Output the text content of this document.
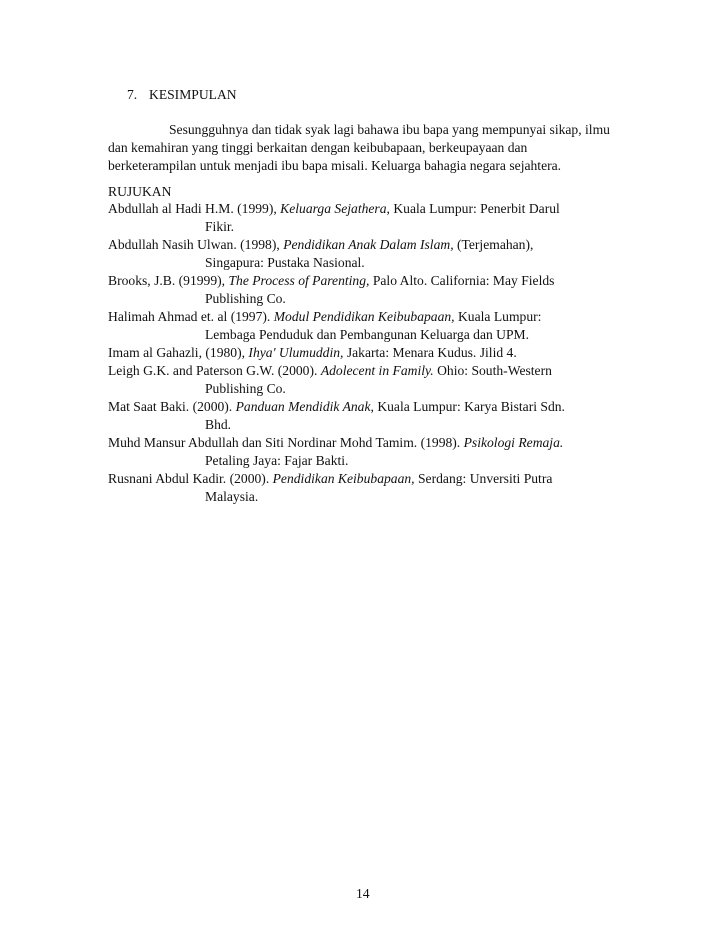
7. KESIMPULAN
Sesungguhnya dan tidak syak lagi bahawa ibu bapa yang mempunyai sikap, ilmu
dan kemahiran yang tinggi berkaitan dengan keibubapaan, berkeupayaan dan
berketerampilan untuk menjadi ibu bapa misali. Keluarga bahagia negara sejahtera.
RUJUKAN
Abdullah al Hadi H.M. (1999), Keluarga Sejathera, Kuala Lumpur: Penerbit Darul
Fikir.
Abdullah Nasih Ulwan. (1998), Pendidikan Anak Dalam Islam, (Terjemahan),
Singapura: Pustaka Nasional.
Brooks, J.B. (91999), The Process of Parenting, Palo Alto. California: May Fields
Publishing Co.
Halimah Ahmad et. al (1997). Modul Pendidikan Keibubapaan, Kuala Lumpur:
Lembaga Penduduk dan Pembangunan Keluarga dan UPM.
Imam al Gahazli, (1980), Ihya' Ulumuddin, Jakarta: Menara Kudus. Jilid 4.
Leigh G.K. and Paterson G.W. (2000). Adolecent in Family. Ohio: South-Western
Publishing Co.
Mat Saat Baki. (2000). Panduan Mendidik Anak, Kuala Lumpur: Karya Bistari Sdn.
Bhd.
Muhd Mansur Abdullah dan Siti Nordinar Mohd Tamim. (1998). Psikologi Remaja.
Petaling Jaya: Fajar Bakti.
Rusnani Abdul Kadir. (2000). Pendidikan Keibubapaan, Serdang: Unversiti Putra
Malaysia.
14
